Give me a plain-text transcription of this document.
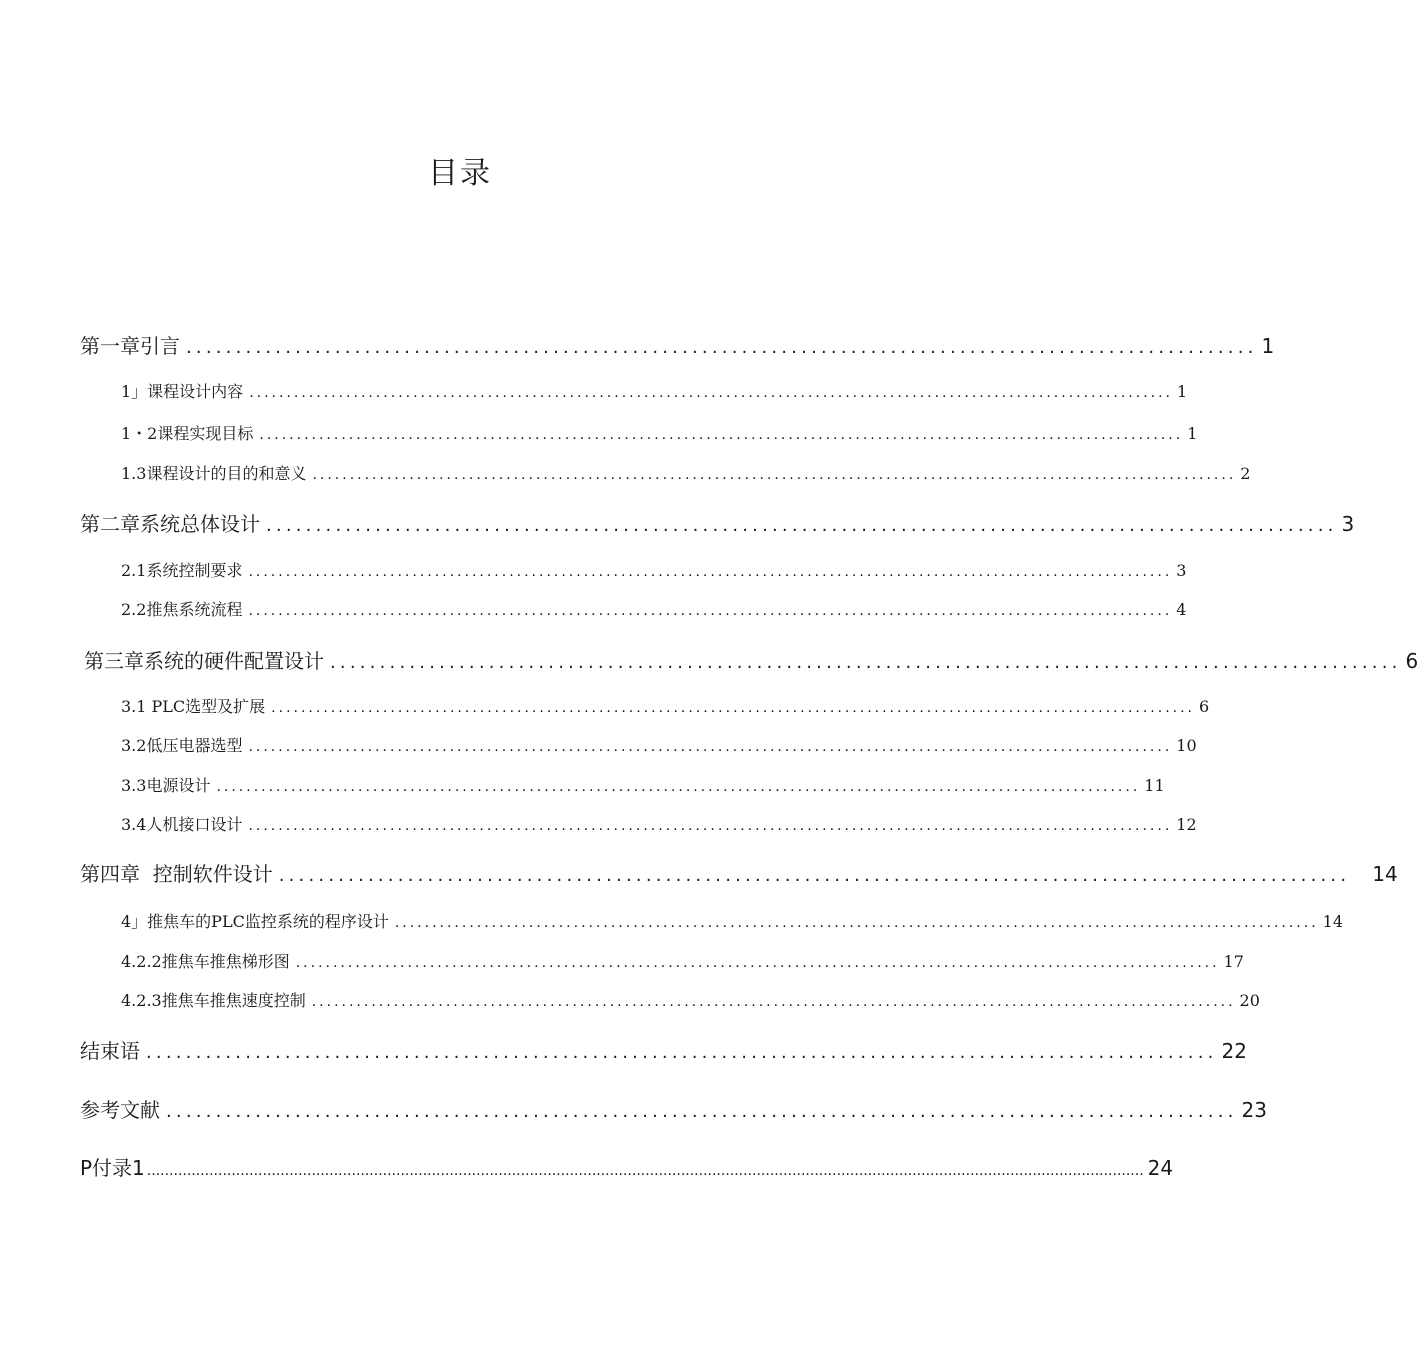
目录
第一章引言 ............................................................................................................ 1
1」课程设计内容 ............................................................................................................................ 1
1・2课程实现目标 ............................................................................................................................ 1
1.3课程设计的目的和意义 ............................................................................................................................ 2
第二章系统总体设计 ............................................................................................................ 3
2.1系统控制要求 ............................................................................................................................ 3
2.2推焦系统流程 ............................................................................................................................ 4
第三章系统的硬件配置设计 ............................................................................................................ 6
3.1 PLC选型及扩展 ............................................................................................................................ 6
3.2低压电器选型 ............................................................................................................................ 10
3.3电源设计 ............................................................................................................................ 11
3.4人机接口设计 ............................................................................................................................ 12
第四章  控制软件设计 ............................................................................................................ 14
4」推焦车的PLC监控系统的程序设计 ............................................................................................................................ 14
4.2.2推焦车推焦梯形图 ............................................................................................................................ 17
4.2.3推焦车推焦速度控制 ............................................................................................................................ 20
结束语 ............................................................................................................ 22
参考文献 ............................................................................................................ 23
P付录1 ................................................................................................................................................................................................................................ 24
